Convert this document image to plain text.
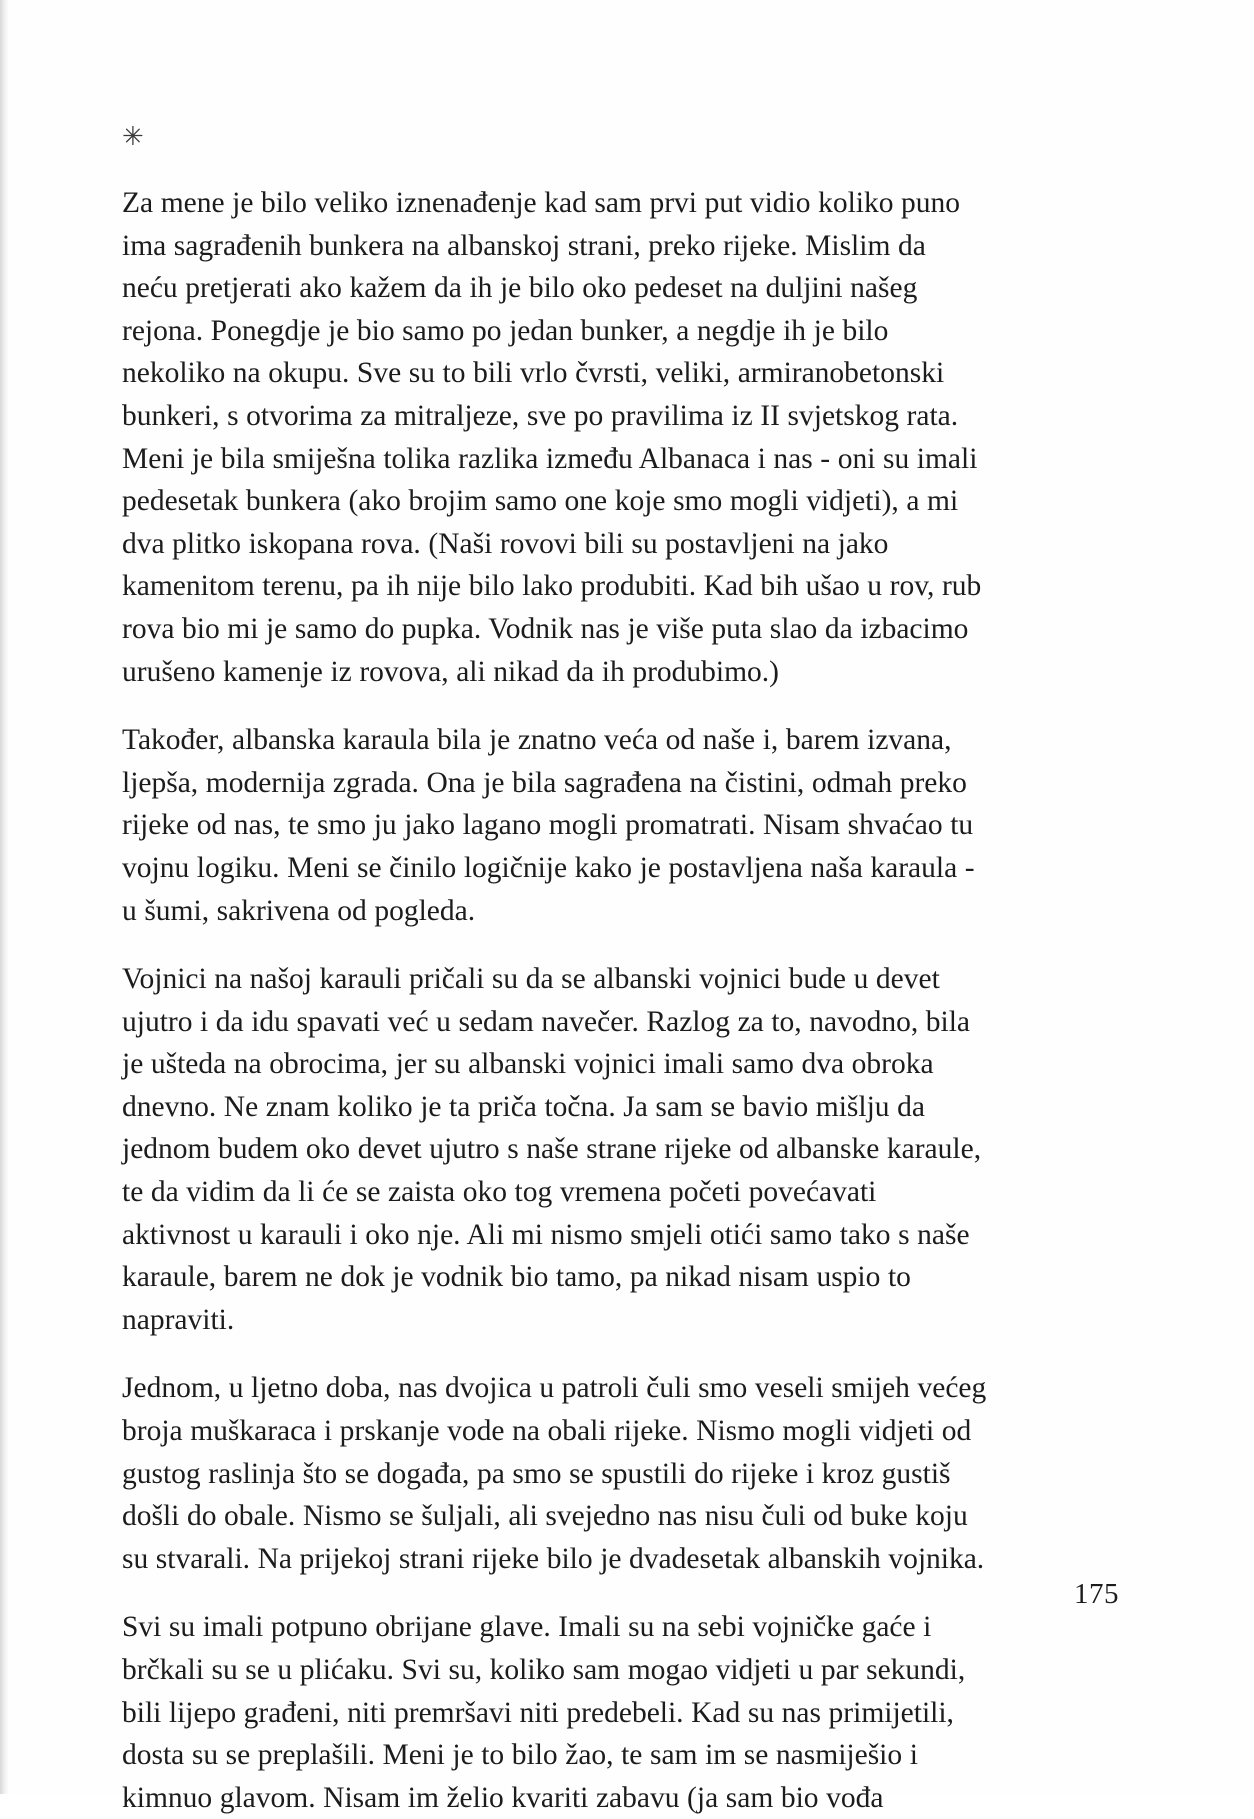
✳

Za mene je bilo veliko iznenađenje kad sam prvi put vidio koliko puno ima sagrađenih bunkera na albanskoj strani, preko rijeke. Mislim da neću pretjerati ako kažem da ih je bilo oko pedeset na duljini našeg rejona. Ponegdje je bio samo po jedan bunker, a negdje ih je bilo nekoliko na okupu. Sve su to bili vrlo čvrsti, veliki, armiranobetonski bunkeri, s otvorima za mitraljeze, sve po pravilima iz II svjetskog rata. Meni je bila smiješna tolika razlika između Albanaca i nas - oni su imali pedesetak bunkera (ako brojim samo one koje smo mogli vidjeti), a mi dva plitko iskopana rova. (Naši rovovi bili su postavljeni na jako kamenitom terenu, pa ih nije bilo lako produbiti. Kad bih ušao u rov, rub rova bio mi je samo do pupka. Vodnik nas je više puta slao da izbacimo urušeno kamenje iz rovova, ali nikad da ih produbimo.)

Također, albanska karaula bila je znatno veća od naše i, barem izvana, ljepša, modernija zgrada. Ona je bila sagrađena na čistini, odmah preko rijeke od nas, te smo ju jako lagano mogli promatrati. Nisam shvaćao tu vojnu logiku. Meni se činilo logičnije kako je postavljena naša karaula - u šumi, sakrivena od pogleda.

Vojnici na našoj karauli pričali su da se albanski vojnici bude u devet ujutro i da idu spavati već u sedam navečer. Razlog za to, navodno, bila je ušteda na obrocima, jer su albanski vojnici imali samo dva obroka dnevno. Ne znam koliko je ta priča točna. Ja sam se bavio mišlju da jednom budem oko devet ujutro s naše strane rijeke od albanske karaule, te da vidim da li će se zaista oko tog vremena početi povećavati aktivnost u karauli i oko nje. Ali mi nismo smjeli otići samo tako s naše karaule, barem ne dok je vodnik bio tamo, pa nikad nisam uspio to napraviti.

Jednom, u ljetno doba, nas dvojica u patroli čuli smo veseli smijeh većeg broja muškaraca i prskanje vode na obali rijeke. Nismo mogli vidjeti od gustog raslinja što se događa, pa smo se spustili do rijeke i kroz gustiš došli do obale. Nismo se šuljali, ali svejedno nas nisu čuli od buke koju su stvarali. Na prijekoj strani rijeke bilo je dvadesetak albanskih vojnika.

Svi su imali potpuno obrijane glave. Imali su na sebi vojničke gaće i brčkali su se u plićaku. Svi su, koliko sam mogao vidjeti u par sekundi, bili lijepo građeni, niti premršavi niti predebeli. Kad su nas primijetili, dosta su se preplašili. Meni je to bilo žao, te sam im se nasmiješio i kimnuo glavom. Nisam im želio kvariti zabavu (ja sam bio vođa

175
